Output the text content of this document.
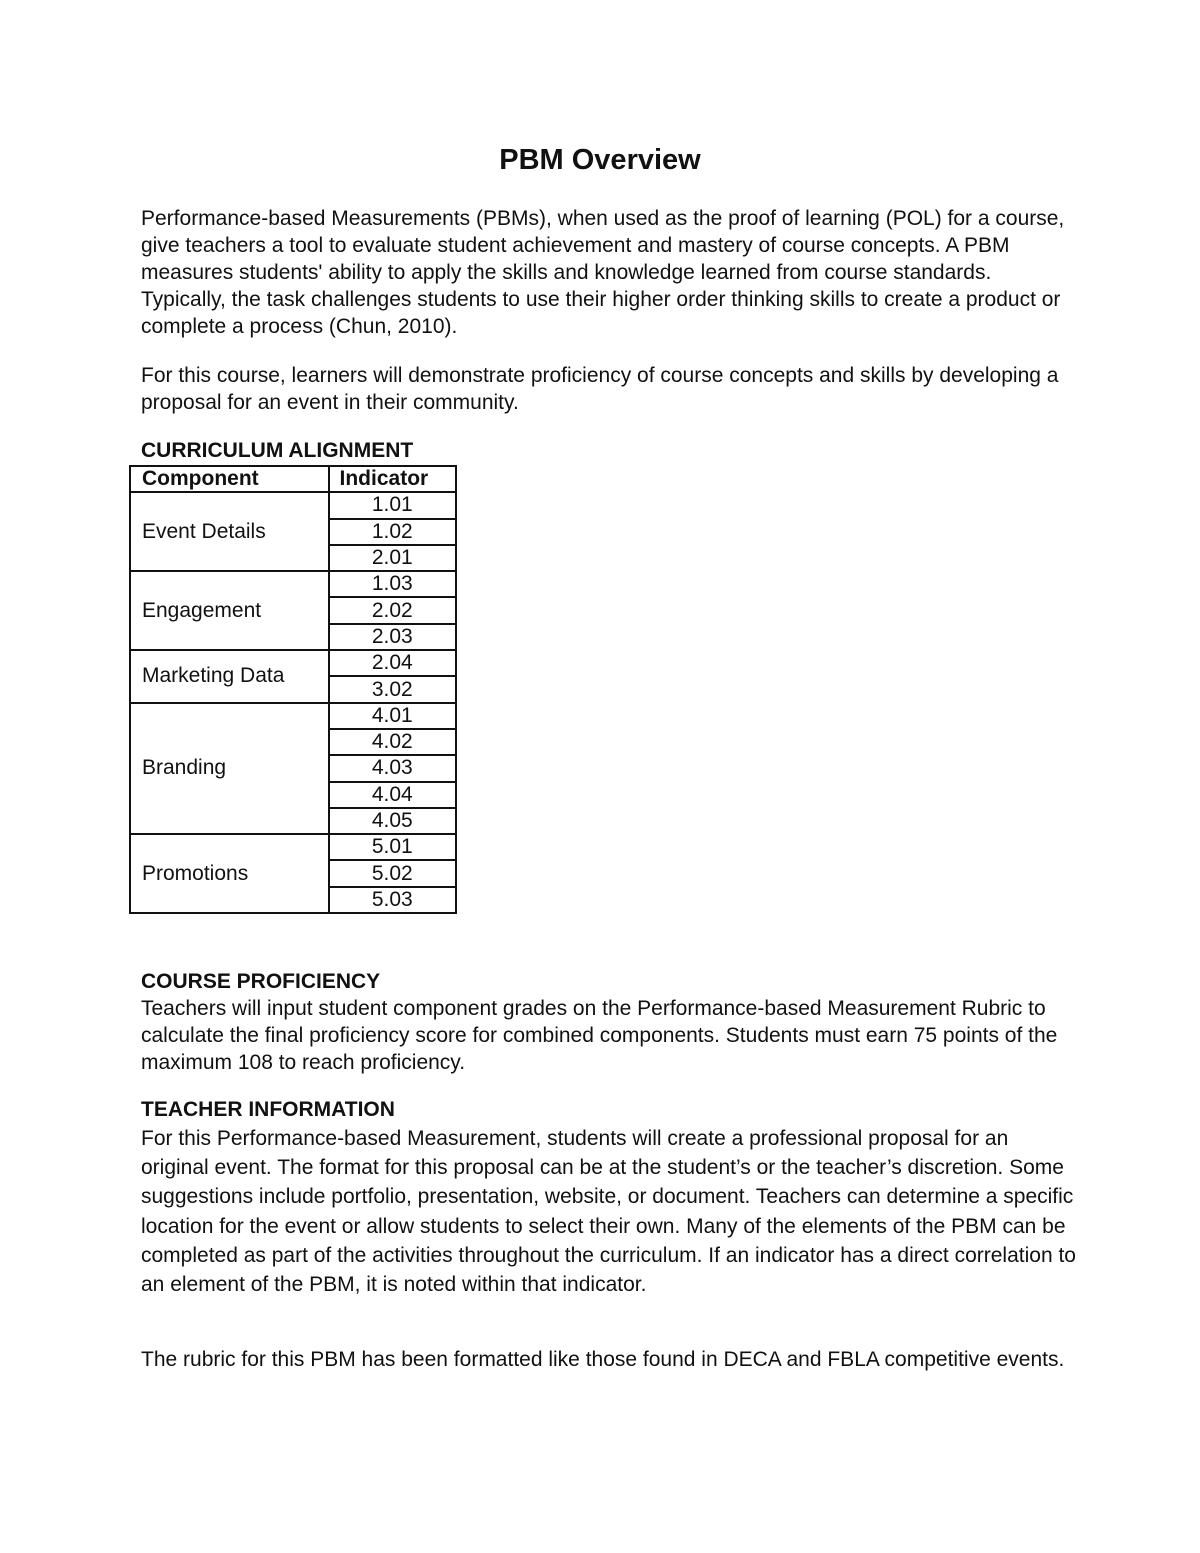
PBM Overview

Performance-based Measurements (PBMs), when used as the proof of learning (POL) for a course, give teachers a tool to evaluate student achievement and mastery of course concepts. A PBM measures students' ability to apply the skills and knowledge learned from course standards. Typically, the task challenges students to use their higher order thinking skills to create a product or complete a process (Chun, 2010).

For this course, learners will demonstrate proficiency of course concepts and skills by developing a proposal for an event in their community.

CURRICULUM ALIGNMENT
Component	Indicator
Event Details	1.01
	1.02
	2.01
Engagement	1.03
	2.02
	2.03
Marketing Data	2.04
	3.02
Branding	4.01
	4.02
	4.03
	4.04
	4.05
Promotions	5.01
	5.02
	5.03
COURSE PROFICIENCY

Teachers will input student component grades on the Performance-based Measurement Rubric to calculate the final proficiency score for combined components. Students must earn 75 points of the maximum 108 to reach proficiency.

TEACHER INFORMATION

For this Performance-based Measurement, students will create a professional proposal for an original event. The format for this proposal can be at the student’s or the teacher’s discretion. Some suggestions include portfolio, presentation, website, or document. Teachers can determine a specific location for the event or allow students to select their own. Many of the elements of the PBM can be completed as part of the activities throughout the curriculum. If an indicator has a direct correlation to an element of the PBM, it is noted within that indicator.

The rubric for this PBM has been formatted like those found in DECA and FBLA competitive events.
